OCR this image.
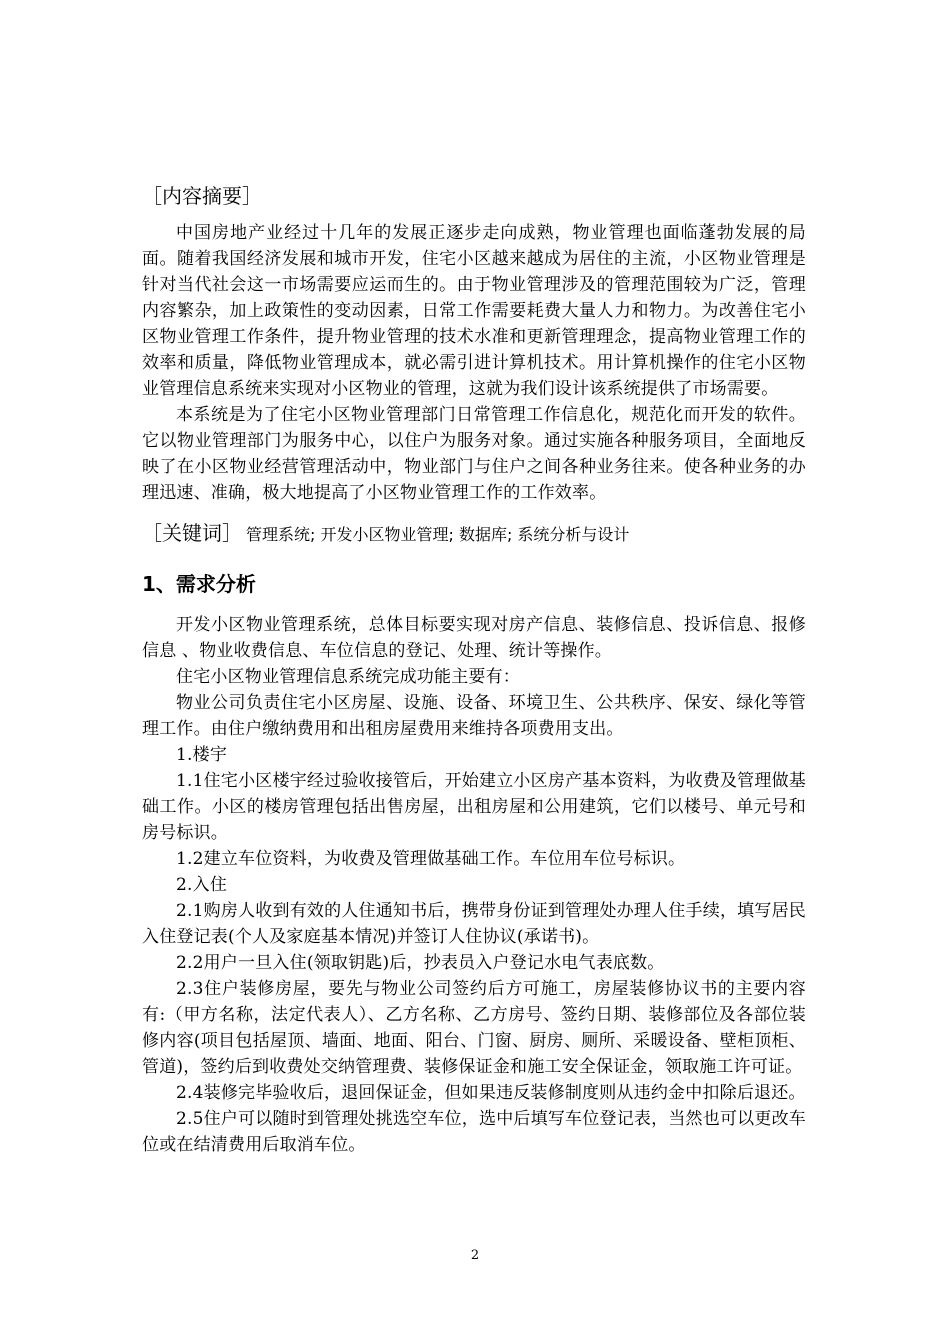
［内容摘要］

中国房地产业经过十几年的发展正逐步走向成熟，物业管理也面临蓬勃发展的局面。随着我国经济发展和城市开发，住宅小区越来越成为居住的主流，小区物业管理是针对当代社会这一市场需要应运而生的。由于物业管理涉及的管理范围较为广泛，管理内容繁杂，加上政策性的变动因素，日常工作需要耗费大量人力和物力。为改善住宅小区物业管理工作条件，提升物业管理的技术水准和更新管理理念，提高物业管理工作的效率和质量，降低物业管理成本，就必需引进计算机技术。用计算机操作的住宅小区物业管理信息系统来实现对小区物业的管理，这就为我们设计该系统提供了市场需要。

本系统是为了住宅小区物业管理部门日常管理工作信息化，规范化而开发的软件。它以物业管理部门为服务中心，以住户为服务对象。通过实施各种服务项目，全面地反映了在小区物业经营管理活动中，物业部门与住户之间各种业务往来。使各种业务的办理迅速、准确，极大地提高了小区物业管理工作的工作效率。

［关键词］ 管理系统; 开发小区物业管理; 数据库; 系统分析与设计
1、需求分析

开发小区物业管理系统，总体目标要实现对房产信息、装修信息、投诉信息、报修信息 、物业收费信息、车位信息的登记、处理、统计等操作。

住宅小区物业管理信息系统完成功能主要有：

物业公司负责住宅小区房屋、设施、设备、环境卫生、公共秩序、保安、绿化等管理工作。由住户缴纳费用和出租房屋费用来维持各项费用支出。

1.楼宇

1.1住宅小区楼宇经过验收接管后，开始建立小区房产基本资料，为收费及管理做基础工作。小区的楼房管理包括出售房屋，出租房屋和公用建筑，它们以楼号、单元号和房号标识。

1.2建立车位资料，为收费及管理做基础工作。车位用车位号标识。

2.入住

2.1购房人收到有效的人住通知书后，携带身份证到管理处办理人住手续，填写居民入住登记表(个人及家庭基本情况)并签订人住协议(承诺书)。

2.2用户一旦入住(领取钥匙)后，抄表员入户登记水电气表底数。

2.3住户装修房屋，要先与物业公司签约后方可施工，房屋装修协议书的主要内容有:（甲方名称，法定代表人）、乙方名称、乙方房号、签约日期、装修部位及各部位装修内容(项目包括屋顶、墙面、地面、阳台、门窗、厨房、厕所、采暖设备、壁柜顶柜、管道)，签约后到收费处交纳管理费、装修保证金和施工安全保证金，领取施工许可证。

2.4装修完毕验收后，退回保证金，但如果违反装修制度则从违约金中扣除后退还。

2.5住户可以随时到管理处挑选空车位，选中后填写车位登记表，当然也可以更改车位或在结清费用后取消车位。

2
